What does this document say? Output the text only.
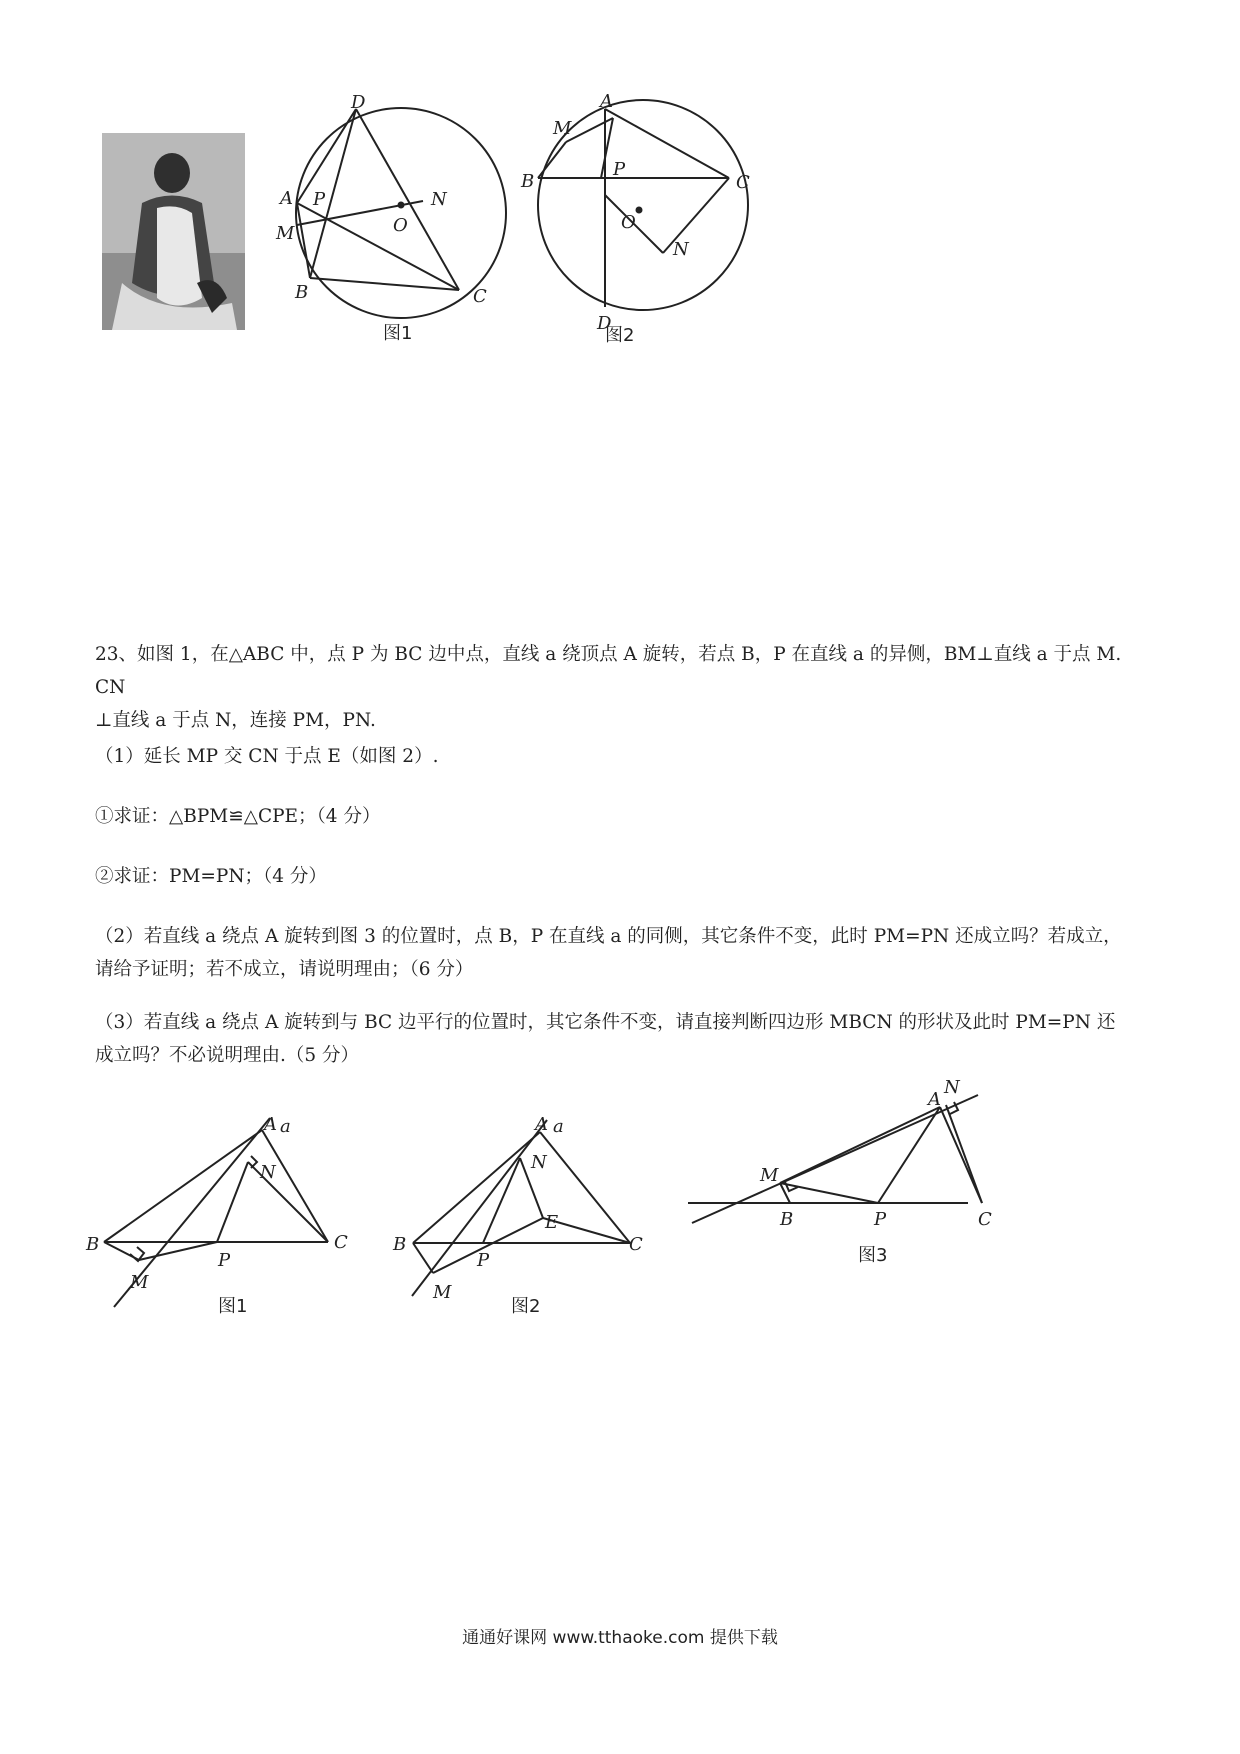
D
A
M
P
O
N
B	C
图1
A
M
B
P
C
O
N
D
图2
23、如图 1，在△ABC 中，点 P 为 BC 边中点，直线 a 绕顶点 A 旋转，若点 B，P 在直线 a 的异侧，BM⊥直线 a 于点 M. CN
⊥直线 a 于点 N，连接 PM，PN.
（1）延长 MP 交 CN 于点 E（如图 2）.
①求证：△BPM≌△CPE；（4 分）
②求证：PM=PN；（4 分）
（2）若直线 a 绕点 A 旋转到图 3 的位置时，点 B，P 在直线 a 的同侧，其它条件不变，此时 PM=PN 还成立吗？若成立，
请给予证明；若不成立，请说明理由；（6 分）
（3）若直线 a 绕点 A 旋转到与 BC 边平行的位置时，其它条件不变，请直接判断四边形 MBCN 的形状及此时 PM=PN 还
成立吗？不必说明理由.（5 分）
A a
N
B
P
C
M
图1
A a
N
E
B
P
C
M
图2
M
A
N
B	P	C
图3
通通好课网 www.tthaoke.com 提供下载
